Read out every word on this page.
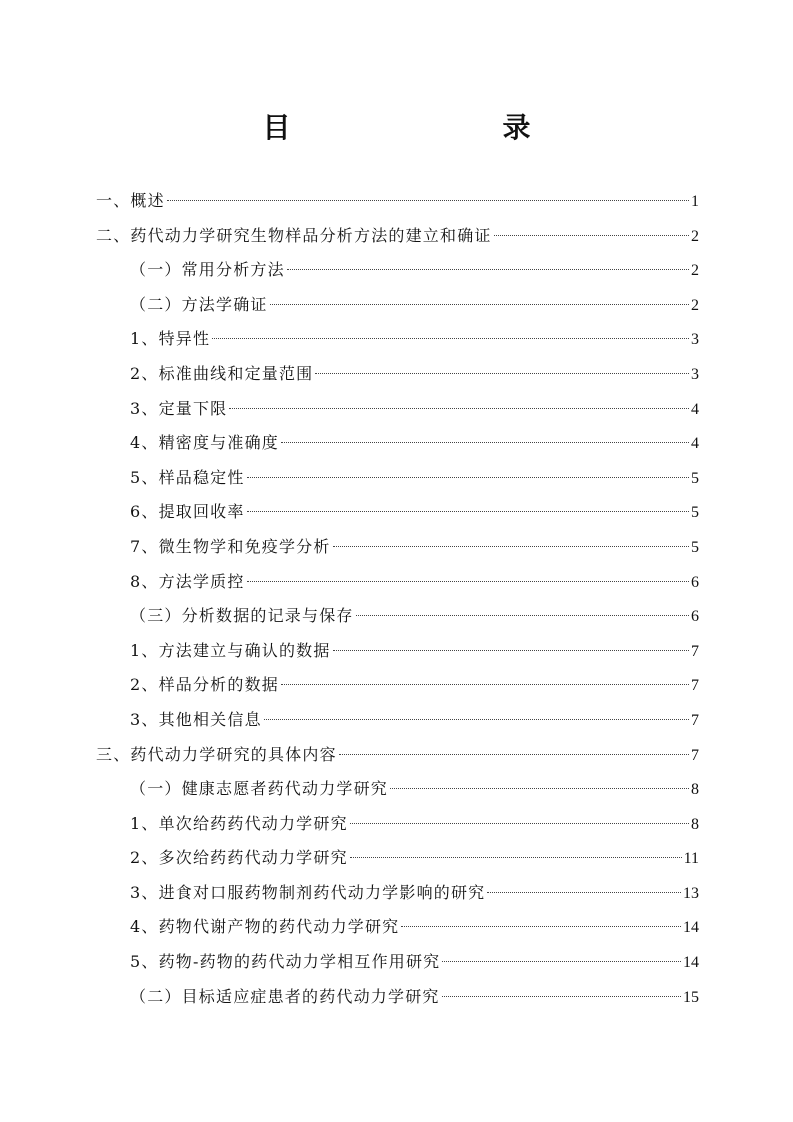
目　　录
一、概述	1
二、药代动力学研究生物样品分析方法的建立和确证	2
（一）常用分析方法	2
（二）方法学确证	2
1、特异性	3
2、标准曲线和定量范围	3
3、定量下限	4
4、精密度与准确度	4
5、样品稳定性	5
6、提取回收率	5
7、微生物学和免疫学分析	5
8、方法学质控	6
（三）分析数据的记录与保存	6
1、方法建立与确认的数据	7
2、样品分析的数据	7
3、其他相关信息	7
三、药代动力学研究的具体内容	7
（一）健康志愿者药代动力学研究	8
1、单次给药药代动力学研究	8
2、多次给药药代动力学研究	11
3、进食对口服药物制剂药代动力学影响的研究	13
4、药物代谢产物的药代动力学研究	14
5、药物-药物的药代动力学相互作用研究	14
（二）目标适应症患者的药代动力学研究	15
